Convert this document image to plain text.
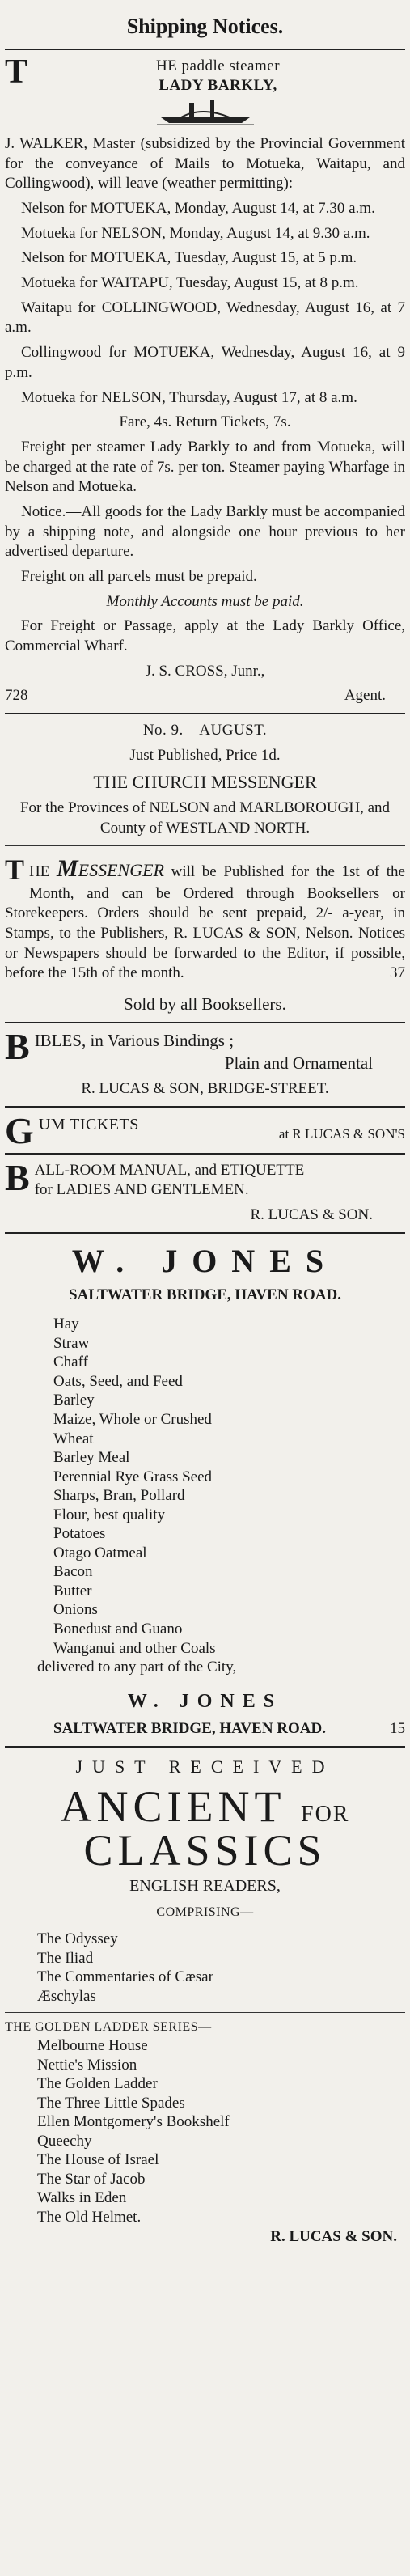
Shipping Notices.
T	HE paddle steamer
LADY BARKLY,
J. WALKER, Master (subsidized by the Provincial Government for the conveyance of Mails to Motueka, Waitapu, and Collingwood), will leave (weather permitting): —
Nelson for MOTUEKA, Monday, August 14, at 7.30 a.m.
Motueka for NELSON, Monday, August 14, at 9.30 a.m.
Nelson for MOTUEKA, Tuesday, August 15, at 5 p.m.
Motueka for WAITAPU, Tuesday, August 15, at 8 p.m.
Waitapu for COLLINGWOOD, Wednesday, August 16, at 7 a.m.
Collingwood for MOTUEKA, Wednesday, August 16, at 9 p.m.
Motueka for NELSON, Thursday, August 17, at 8 a.m.
Fare, 4s. Return Tickets, 7s.
Freight per steamer Lady Barkly to and from Motueka, will be charged at the rate of 7s. per ton. Steamer paying Wharfage in Nelson and Motueka.
Notice.—All goods for the Lady Barkly must be accompanied by a shipping note, and alongside one hour previous to her advertised departure.
Freight on all parcels must be prepaid.
Monthly Accounts must be paid.
For Freight or Passage, apply at the Lady Barkly Office, Commercial Wharf.
J. S. CROSS, Junr.,
728	Agent.
No. 9.—AUGUST.
Just Published, Price 1d.
THE CHURCH MESSENGER
For the Provinces of NELSON and MARLBOROUGH, and County of WESTLAND NORTH.
T HE MESSENGER will be Published for the 1st of the Month, and can be Ordered through Booksellers or Storekeepers. Orders should be sent prepaid, 2/- a-year, in Stamps, to the Publishers, R. LUCAS & SON, Nelson. Notices or Newspapers should be forwarded to the Editor, if possible, before the 15th of the month.	37
Sold by all Booksellers.
B IBLES, in Various Bindings ;
Plain and Ornamental
R. LUCAS & SON, BRIDGE-STREET.
G UM TICKETS
at R LUCAS & SON'S
B ALL-ROOM MANUAL, and ETIQUETTE
for LADIES AND GENTLEMEN.
R. LUCAS & SON.
W. JONES
SALTWATER BRIDGE, HAVEN ROAD.
Hay
Straw
Chaff
Oats, Seed, and Feed
Barley
Maize, Whole or Crushed
Wheat
Barley Meal
Perennial Rye Grass Seed
Sharps, Bran, Pollard
Flour, best quality
Potatoes
Otago Oatmeal
Bacon
Butter
Onions
Bonedust and Guano
Wanganui and other Coals
delivered to any part of the City,
W. JONES
SALTWATER BRIDGE, HAVEN ROAD.	15
JUST RECEIVED
ANCIENT FOR CLASSICS
ENGLISH READERS,
COMPRISING—
The Odyssey
The Iliad
The Commentaries of Cæsar
Æschylas
THE GOLDEN LADDER SERIES—
Melbourne House
Nettie's Mission
The Golden Ladder
The Three Little Spades
Ellen Montgomery's Bookshelf
Queechy
The House of Israel
The Star of Jacob
Walks in Eden
The Old Helmet.
R. LUCAS & SON.
